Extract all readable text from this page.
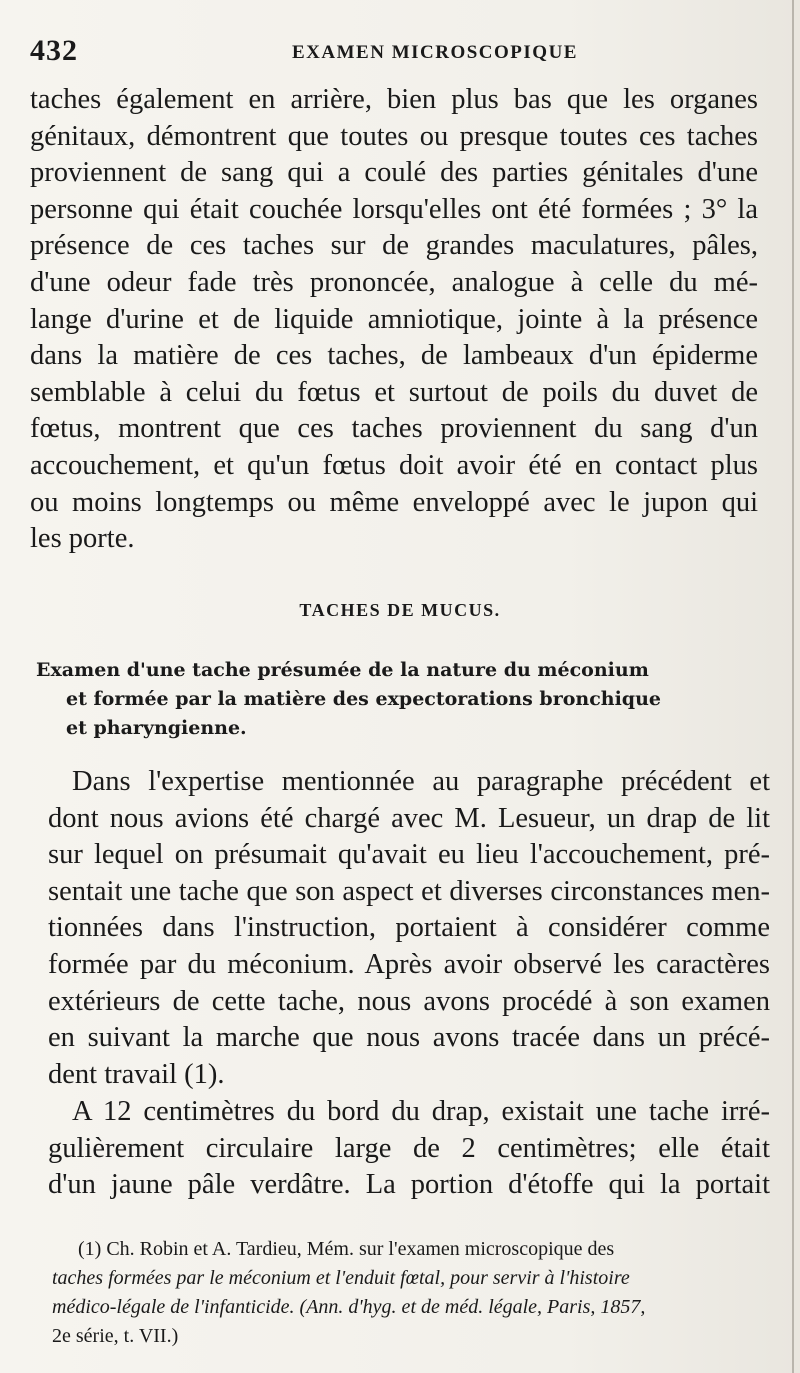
432	EXAMEN MICROSCOPIQUE
taches également en arrière, bien plus bas que les organes
génitaux, démontrent que toutes ou presque toutes ces taches
proviennent de sang qui a coulé des parties génitales d'une
personne qui était couchée lorsqu'elles ont été formées ; 3° la
présence de ces taches sur de grandes maculatures, pâles,
d'une odeur fade très prononcée, analogue à celle du mé-
lange d'urine et de liquide amniotique, jointe à la présence
dans la matière de ces taches, de lambeaux d'un épiderme
semblable à celui du fœtus et surtout de poils du duvet de
fœtus, montrent que ces taches proviennent du sang d'un
accouchement, et qu'un fœtus doit avoir été en contact plus
ou moins longtemps ou même enveloppé avec le jupon qui
les porte.
TACHES DE MUCUS.
Examen d'une tache présumée de la nature du méconium
et formée par la matière des expectorations bronchique
et pharyngienne.
Dans l'expertise mentionnée au paragraphe précédent et
dont nous avions été chargé avec M. Lesueur, un drap de lit
sur lequel on présumait qu'avait eu lieu l'accouchement, pré-
sentait une tache que son aspect et diverses circonstances men-
tionnées dans l'instruction, portaient à considérer comme
formée par du méconium. Après avoir observé les caractères
extérieurs de cette tache, nous avons procédé à son examen
en suivant la marche que nous avons tracée dans un précé-
dent travail (1).
A 12 centimètres du bord du drap, existait une tache irré-
gulièrement circulaire large de 2 centimètres; elle était
d'un jaune pâle verdâtre. La portion d'étoffe qui la portait
(1) Ch. Robin et A. Tardieu, Mém. sur l'examen microscopique des
taches formées par le méconium et l'enduit fœtal, pour servir à l'histoire
médico-légale de l'infanticide. (Ann. d'hyg. et de méd. légale, Paris, 1857,
2e série, t. VII.)
